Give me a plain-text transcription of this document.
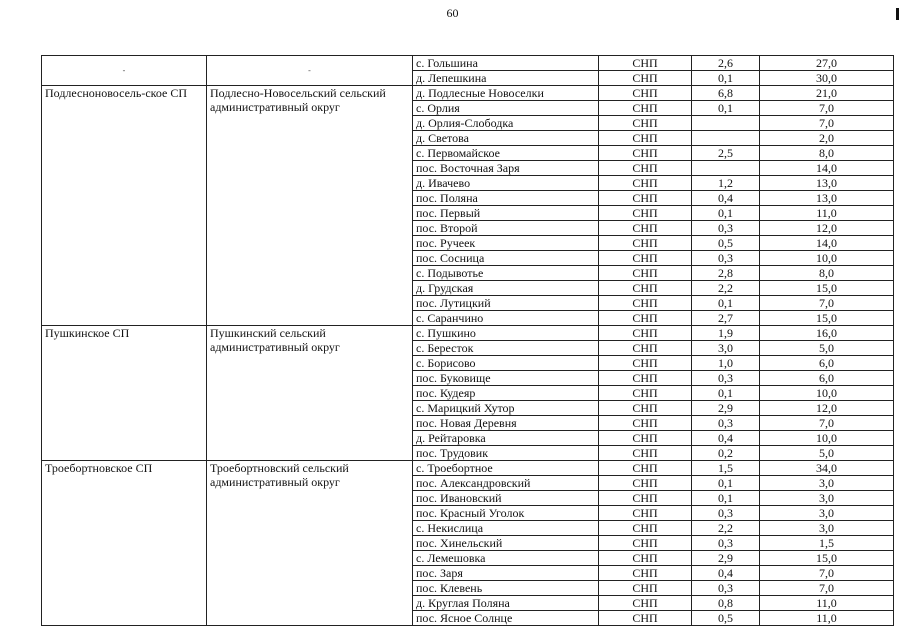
60
-	-	с. Гольшина	СНП	2,6	27,0
		д. Лепешкина	СНП	0,1	30,0
Подлесноновосель-ское СП	Подлесно-Новосельский сельский административный округ	д. Подлесные Новоселки	СНП	6,8	21,0
		с. Орлия	СНП	0,1	7,0
		д. Орлия-Слободка	СНП		7,0
		д. Светова	СНП		2,0
		с. Первомайское	СНП	2,5	8,0
		пос. Восточная Заря	СНП		14,0
		д. Ивачево	СНП	1,2	13,0
		пос. Поляна	СНП	0,4	13,0
		пос. Первый	СНП	0,1	11,0
		пос. Второй	СНП	0,3	12,0
		пос. Ручеек	СНП	0,5	14,0
		пос. Сосница	СНП	0,3	10,0
		с. Подывотье	СНП	2,8	8,0
		д. Грудская	СНП	2,2	15,0
		пос. Лутицкий	СНП	0,1	7,0
		с. Саранчино	СНП	2,7	15,0
Пушкинское СП	Пушкинский сельский административный округ	с. Пушкино	СНП	1,9	16,0
		с. Бересток	СНП	3,0	5,0
		с. Борисово	СНП	1,0	6,0
		пос. Буковище	СНП	0,3	6,0
		пос. Кудеяр	СНП	0,1	10,0
		с. Марицкий Хутор	СНП	2,9	12,0
		пос. Новая Деревня	СНП	0,3	7,0
		д. Рейтаровка	СНП	0,4	10,0
		пос. Трудовик	СНП	0,2	5,0
Троебортновское СП	Троебортновский сельский административный округ	с. Троебортное	СНП	1,5	34,0
		пос. Александровский	СНП	0,1	3,0
		пос. Ивановский	СНП	0,1	3,0
		пос. Красный Уголок	СНП	0,3	3,0
		с. Некислица	СНП	2,2	3,0
		пос. Хинельский	СНП	0,3	1,5
		с. Лемешовка	СНП	2,9	15,0
		пос. Заря	СНП	0,4	7,0
		пос. Клевень	СНП	0,3	7,0
		д. Круглая Поляна	СНП	0,8	11,0
		пос. Ясное Солнце	СНП	0,5	11,0
